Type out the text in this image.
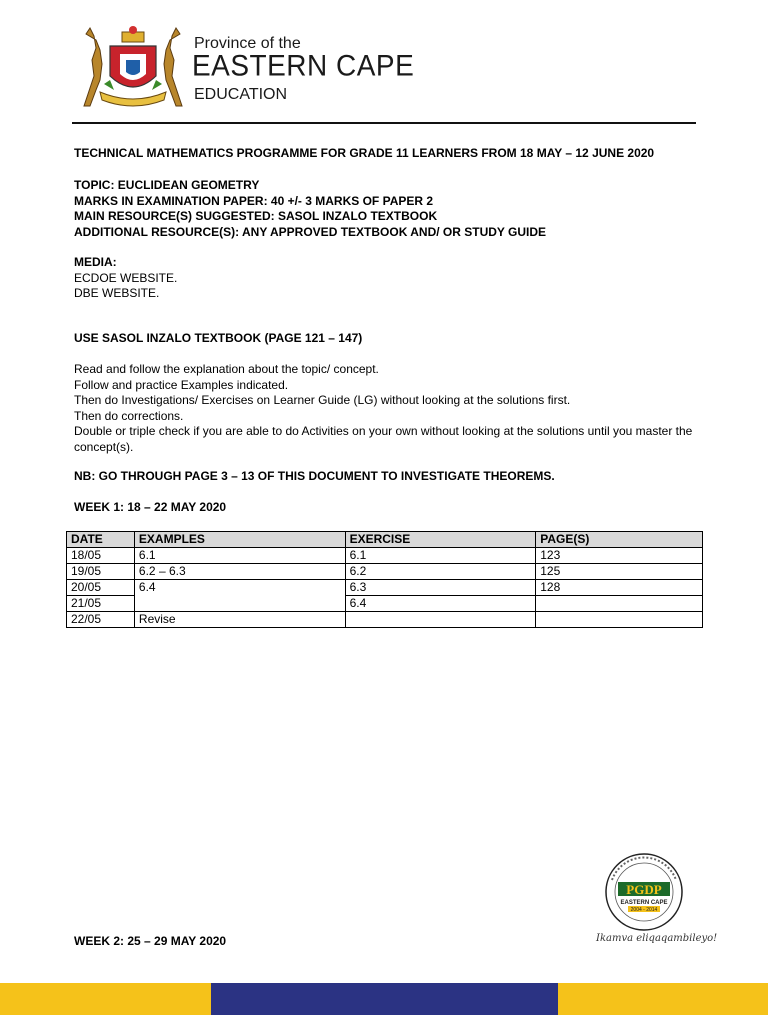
Province of the
EASTERN CAPE
EDUCATION
TECHNICAL MATHEMATICS PROGRAMME FOR GRADE 11 LEARNERS FROM 18 MAY – 12 JUNE 2020
TOPIC: EUCLIDEAN GEOMETRY
MARKS IN EXAMINATION PAPER: 40 +/- 3 MARKS OF PAPER 2
MAIN RESOURCE(S) SUGGESTED: SASOL INZALO TEXTBOOK
ADDITIONAL RESOURCE(S): ANY APPROVED TEXTBOOK AND/ OR STUDY GUIDE
MEDIA:
ECDOE WEBSITE.
DBE WEBSITE.
USE SASOL INZALO TEXTBOOK (PAGE 121 – 147)
Read and follow the explanation about the topic/ concept.
Follow and practice Examples indicated.
Then do Investigations/ Exercises on Learner Guide (LG) without looking at the solutions first.
Then do corrections.
Double or triple check if you are able to do Activities on your own without looking at the solutions until you master the concept(s).
NB: GO THROUGH PAGE 3 – 13 OF THIS DOCUMENT TO INVESTIGATE THEOREMS.
WEEK 1: 18 – 22 MAY 2020
DATE	EXAMPLES	EXERCISE	PAGE(S)
18/05	6.1	6.1	123
19/05	6.2 – 6.3	6.2	125
20/05	6.4	6.3	128
21/05		6.4	
22/05	Revise		
WEEK 2: 25 – 29 MAY 2020
PGDP
EASTERN CAPE
2004 - 2014
Ikamva eliqaqambileyo!
